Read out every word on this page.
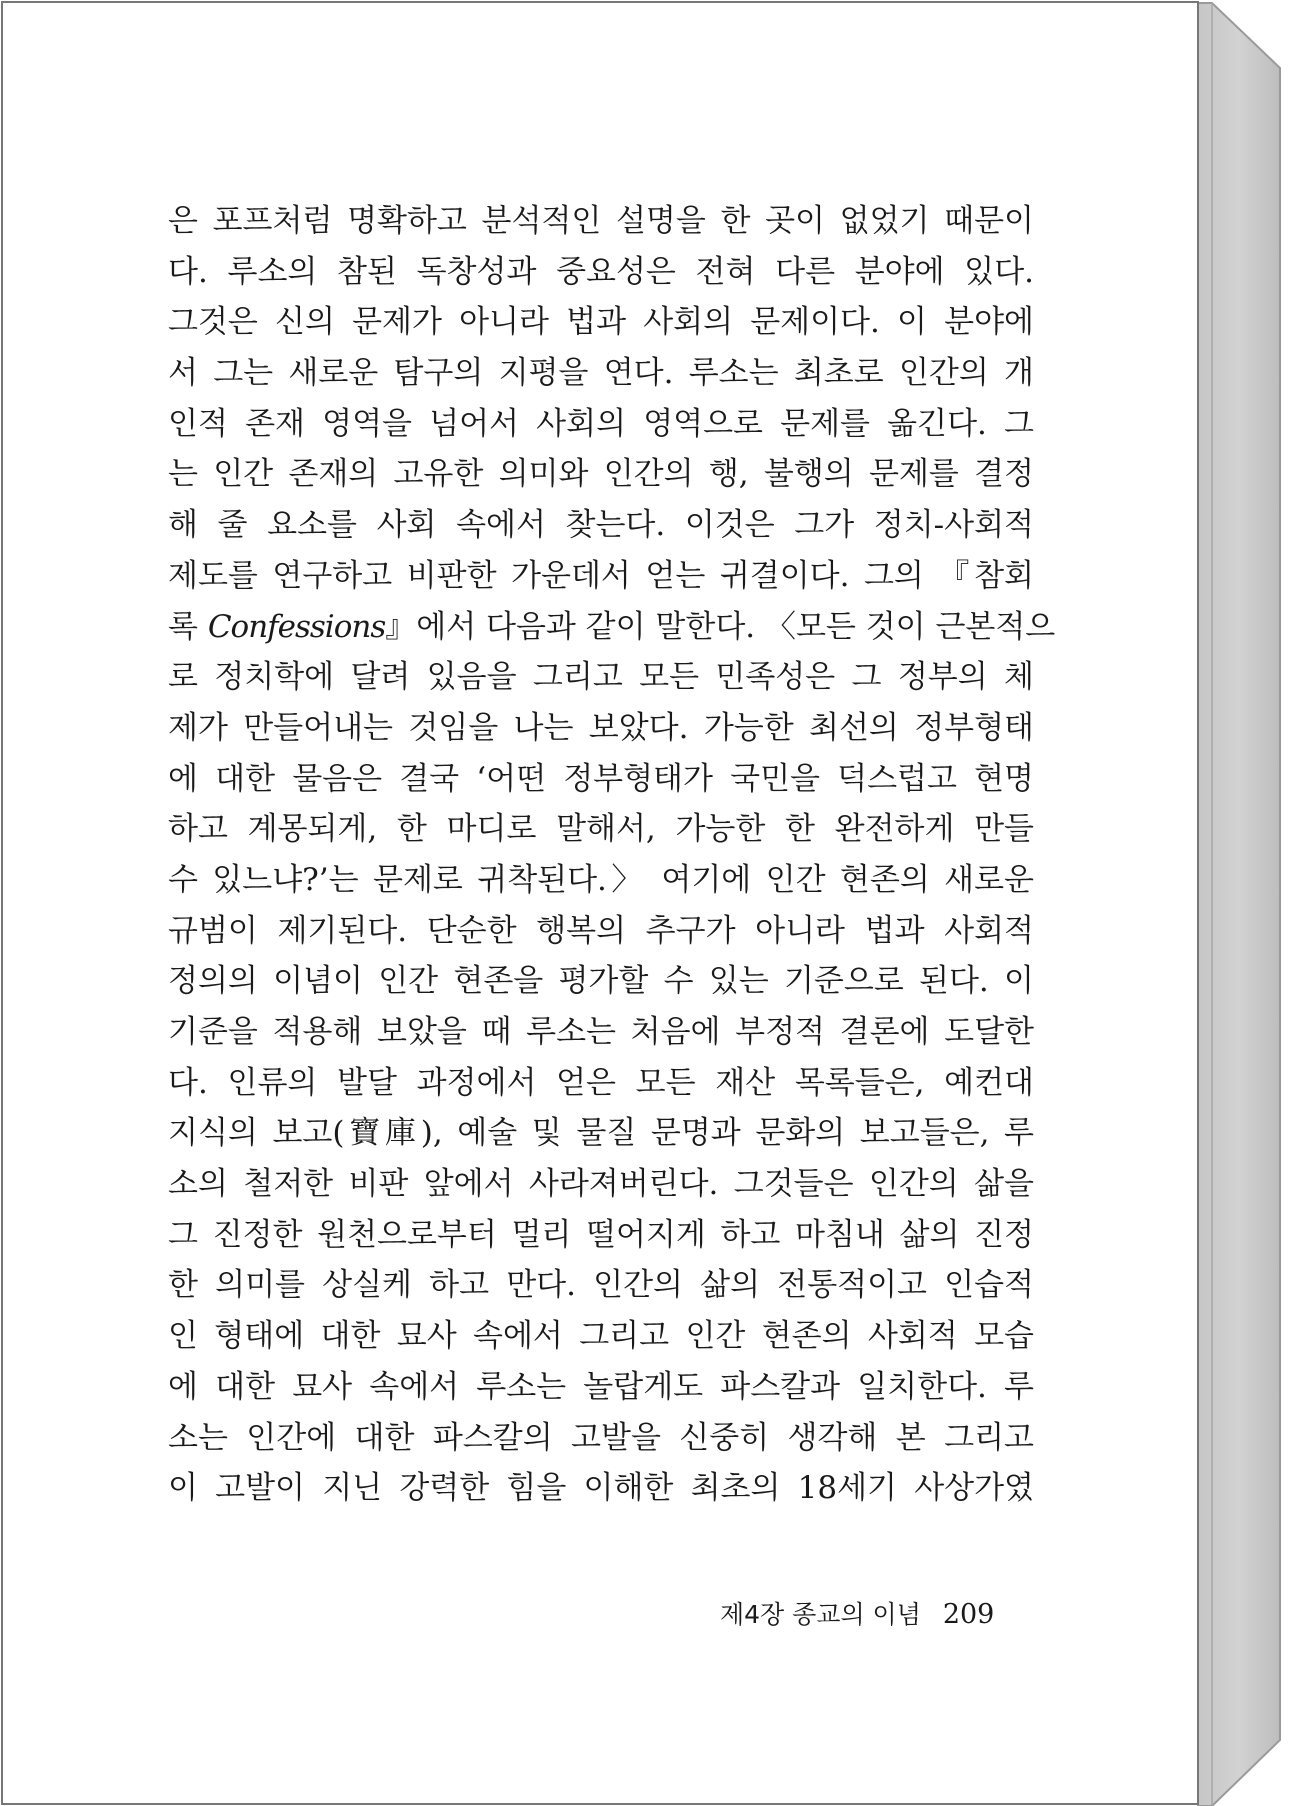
은 포프처럼 명확하고 분석적인 설명을 한 곳이 없었기 때문이
다. 루소의 참된 독창성과 중요성은 전혀 다른 분야에 있다.
그것은 신의 문제가 아니라 법과 사회의 문제이다. 이 분야에
서 그는 새로운 탐구의 지평을 연다. 루소는 최초로 인간의 개
인적 존재 영역을 넘어서 사회의 영역으로 문제를 옮긴다. 그
는 인간 존재의 고유한 의미와 인간의 행, 불행의 문제를 결정
해 줄 요소를 사회 속에서 찾는다. 이것은 그가 정치-사회적
제도를 연구하고 비판한 가운데서 얻는 귀결이다. 그의 『참회
록 Confessions』에서 다음과 같이 말한다. 〈모든 것이 근본적으
로 정치학에 달려 있음을 그리고 모든 민족성은 그 정부의 체
제가 만들어내는 것임을 나는 보았다. 가능한 최선의 정부형태
에 대한 물음은 결국 ‘어떤 정부형태가 국민을 덕스럽고 현명
하고 계몽되게, 한 마디로 말해서, 가능한 한 완전하게 만들
수 있느냐?’는 문제로 귀착된다.〉 여기에 인간 현존의 새로운
규범이 제기된다. 단순한 행복의 추구가 아니라 법과 사회적
정의의 이념이 인간 현존을 평가할 수 있는 기준으로 된다. 이
기준을 적용해 보았을 때 루소는 처음에 부정적 결론에 도달한
다. 인류의 발달 과정에서 얻은 모든 재산 목록들은, 예컨대
지식의 보고(寶庫), 예술 및 물질 문명과 문화의 보고들은, 루
소의 철저한 비판 앞에서 사라져버린다. 그것들은 인간의 삶을
그 진정한 원천으로부터 멀리 떨어지게 하고 마침내 삶의 진정
한 의미를 상실케 하고 만다. 인간의 삶의 전통적이고 인습적
인 형태에 대한 묘사 속에서 그리고 인간 현존의 사회적 모습
에 대한 묘사 속에서 루소는 놀랍게도 파스칼과 일치한다. 루
소는 인간에 대한 파스칼의 고발을 신중히 생각해 본 그리고
이 고발이 지닌 강력한 힘을 이해한 최초의 18세기 사상가였
제4장 종교의 이념 209
